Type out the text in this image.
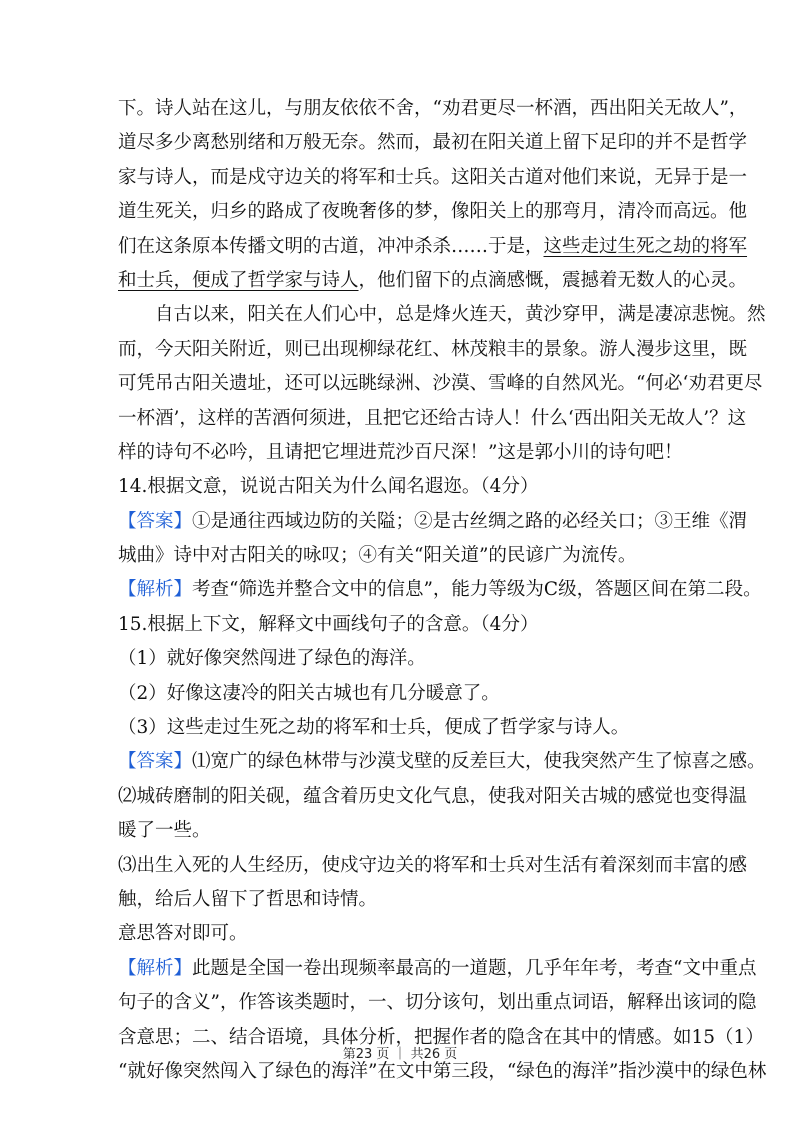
下。诗人站在这儿，与朋友依依不舍，“劝君更尽一杯酒，西出阳关无故人”，
道尽多少离愁别绪和万般无奈。然而，最初在阳关道上留下足印的并不是哲学
家与诗人，而是戍守边关的将军和士兵。这阳关古道对他们来说，无异于是一
道生死关，归乡的路成了夜晚奢侈的梦，像阳关上的那弯月，清冷而高远。他
们在这条原本传播文明的古道，冲冲杀杀……于是，这些走过生死之劫的将军
和士兵，便成了哲学家与诗人，他们留下的点滴感慨，震撼着无数人的心灵。
自古以来，阳关在人们心中，总是烽火连天，黄沙穿甲，满是凄凉悲惋。然
而，今天阳关附近，则已出现柳绿花红、林茂粮丰的景象。游人漫步这里，既
可凭吊古阳关遗址，还可以远眺绿洲、沙漠、雪峰的自然风光。“何必‘劝君更尽
一杯酒’，这样的苦酒何须进，且把它还给古诗人！什么‘西出阳关无故人’？这
样的诗句不必吟，且请把它埋进荒沙百尺深！”这是郭小川的诗句吧！
14.根据文意，说说古阳关为什么闻名遐迩。（4分）
【答案】①是通往西域边防的关隘；②是古丝绸之路的必经关口；③王维《渭
城曲》诗中对古阳关的咏叹；④有关“阳关道”的民谚广为流传。
【解析】考查“筛选并整合文中的信息”，能力等级为C级，答题区间在第二段。
15.根据上下文，解释文中画线句子的含意。（4分）
（1）就好像突然闯进了绿色的海洋。
（2）好像这凄冷的阳关古城也有几分暖意了。
（3）这些走过生死之劫的将军和士兵，便成了哲学家与诗人。
【答案】⑴宽广的绿色林带与沙漠戈壁的反差巨大，使我突然产生了惊喜之感。
⑵城砖磨制的阳关砚，蕴含着历史文化气息，使我对阳关古城的感觉也变得温
暖了一些。
⑶出生入死的人生经历，使戍守边关的将军和士兵对生活有着深刻而丰富的感
触，给后人留下了哲思和诗情。
意思答对即可。
【解析】此题是全国一卷出现频率最高的一道题，几乎年年考，考查“文中重点
句子的含义”，作答该类题时，一、切分该句，划出重点词语，解释出该词的隐
含意思；二、结合语境，具体分析，把握作者的隐含在其中的情感。如15（1）
“就好像突然闯入了绿色的海洋”在文中第三段，“绿色的海洋”指沙漠中的绿色林
第23 页 ｜ 共26 页
